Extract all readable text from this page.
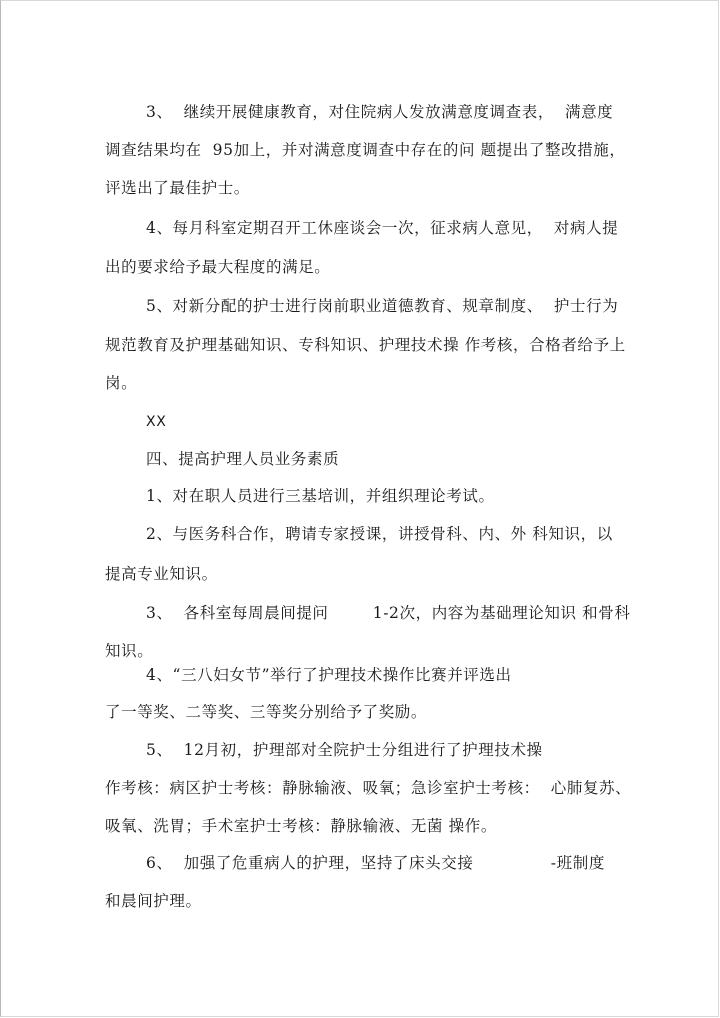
3、  继续开展健康教育，对住院病人发放满意度调查表，  满意度
调查结果均在  95加上，并对满意度调查中存在的问 题提出了整改措施，
评选出了最佳护士。
4、每月科室定期召开工休座谈会一次，征求病人意见，  对病人提
出的要求给予最大程度的满足。
5、对新分配的护士进行岗前职业道德教育、规章制度、  护士行为
规范教育及护理基础知识、专科知识、护理技术操 作考核，合格者给予上
岗。
XX
四、提高护理人员业务素质
1、对在职人员进行三基培训，并组织理论考试。
2、与医务科合作，聘请专家授课，讲授骨科、内、外 科知识，以
提高专业知识。
3、  各科室每周晨间提问        1-2次，内容为基础理论知识 和骨科
知识。
4、“三八妇女节”举行了护理技术操作比赛并评选出
了一等奖、二等奖、三等奖分别给予了奖励。
5、  12月初，护理部对全院护士分组进行了护理技术操
作考核：病区护士考核：静脉输液、吸氧；急诊室护士考核：  心肺复苏、
吸氧、洗胃；手术室护士考核：静脉输液、无菌 操作。
6、  加强了危重病人的护理，坚持了床头交接              -班制度
和晨间护理。
